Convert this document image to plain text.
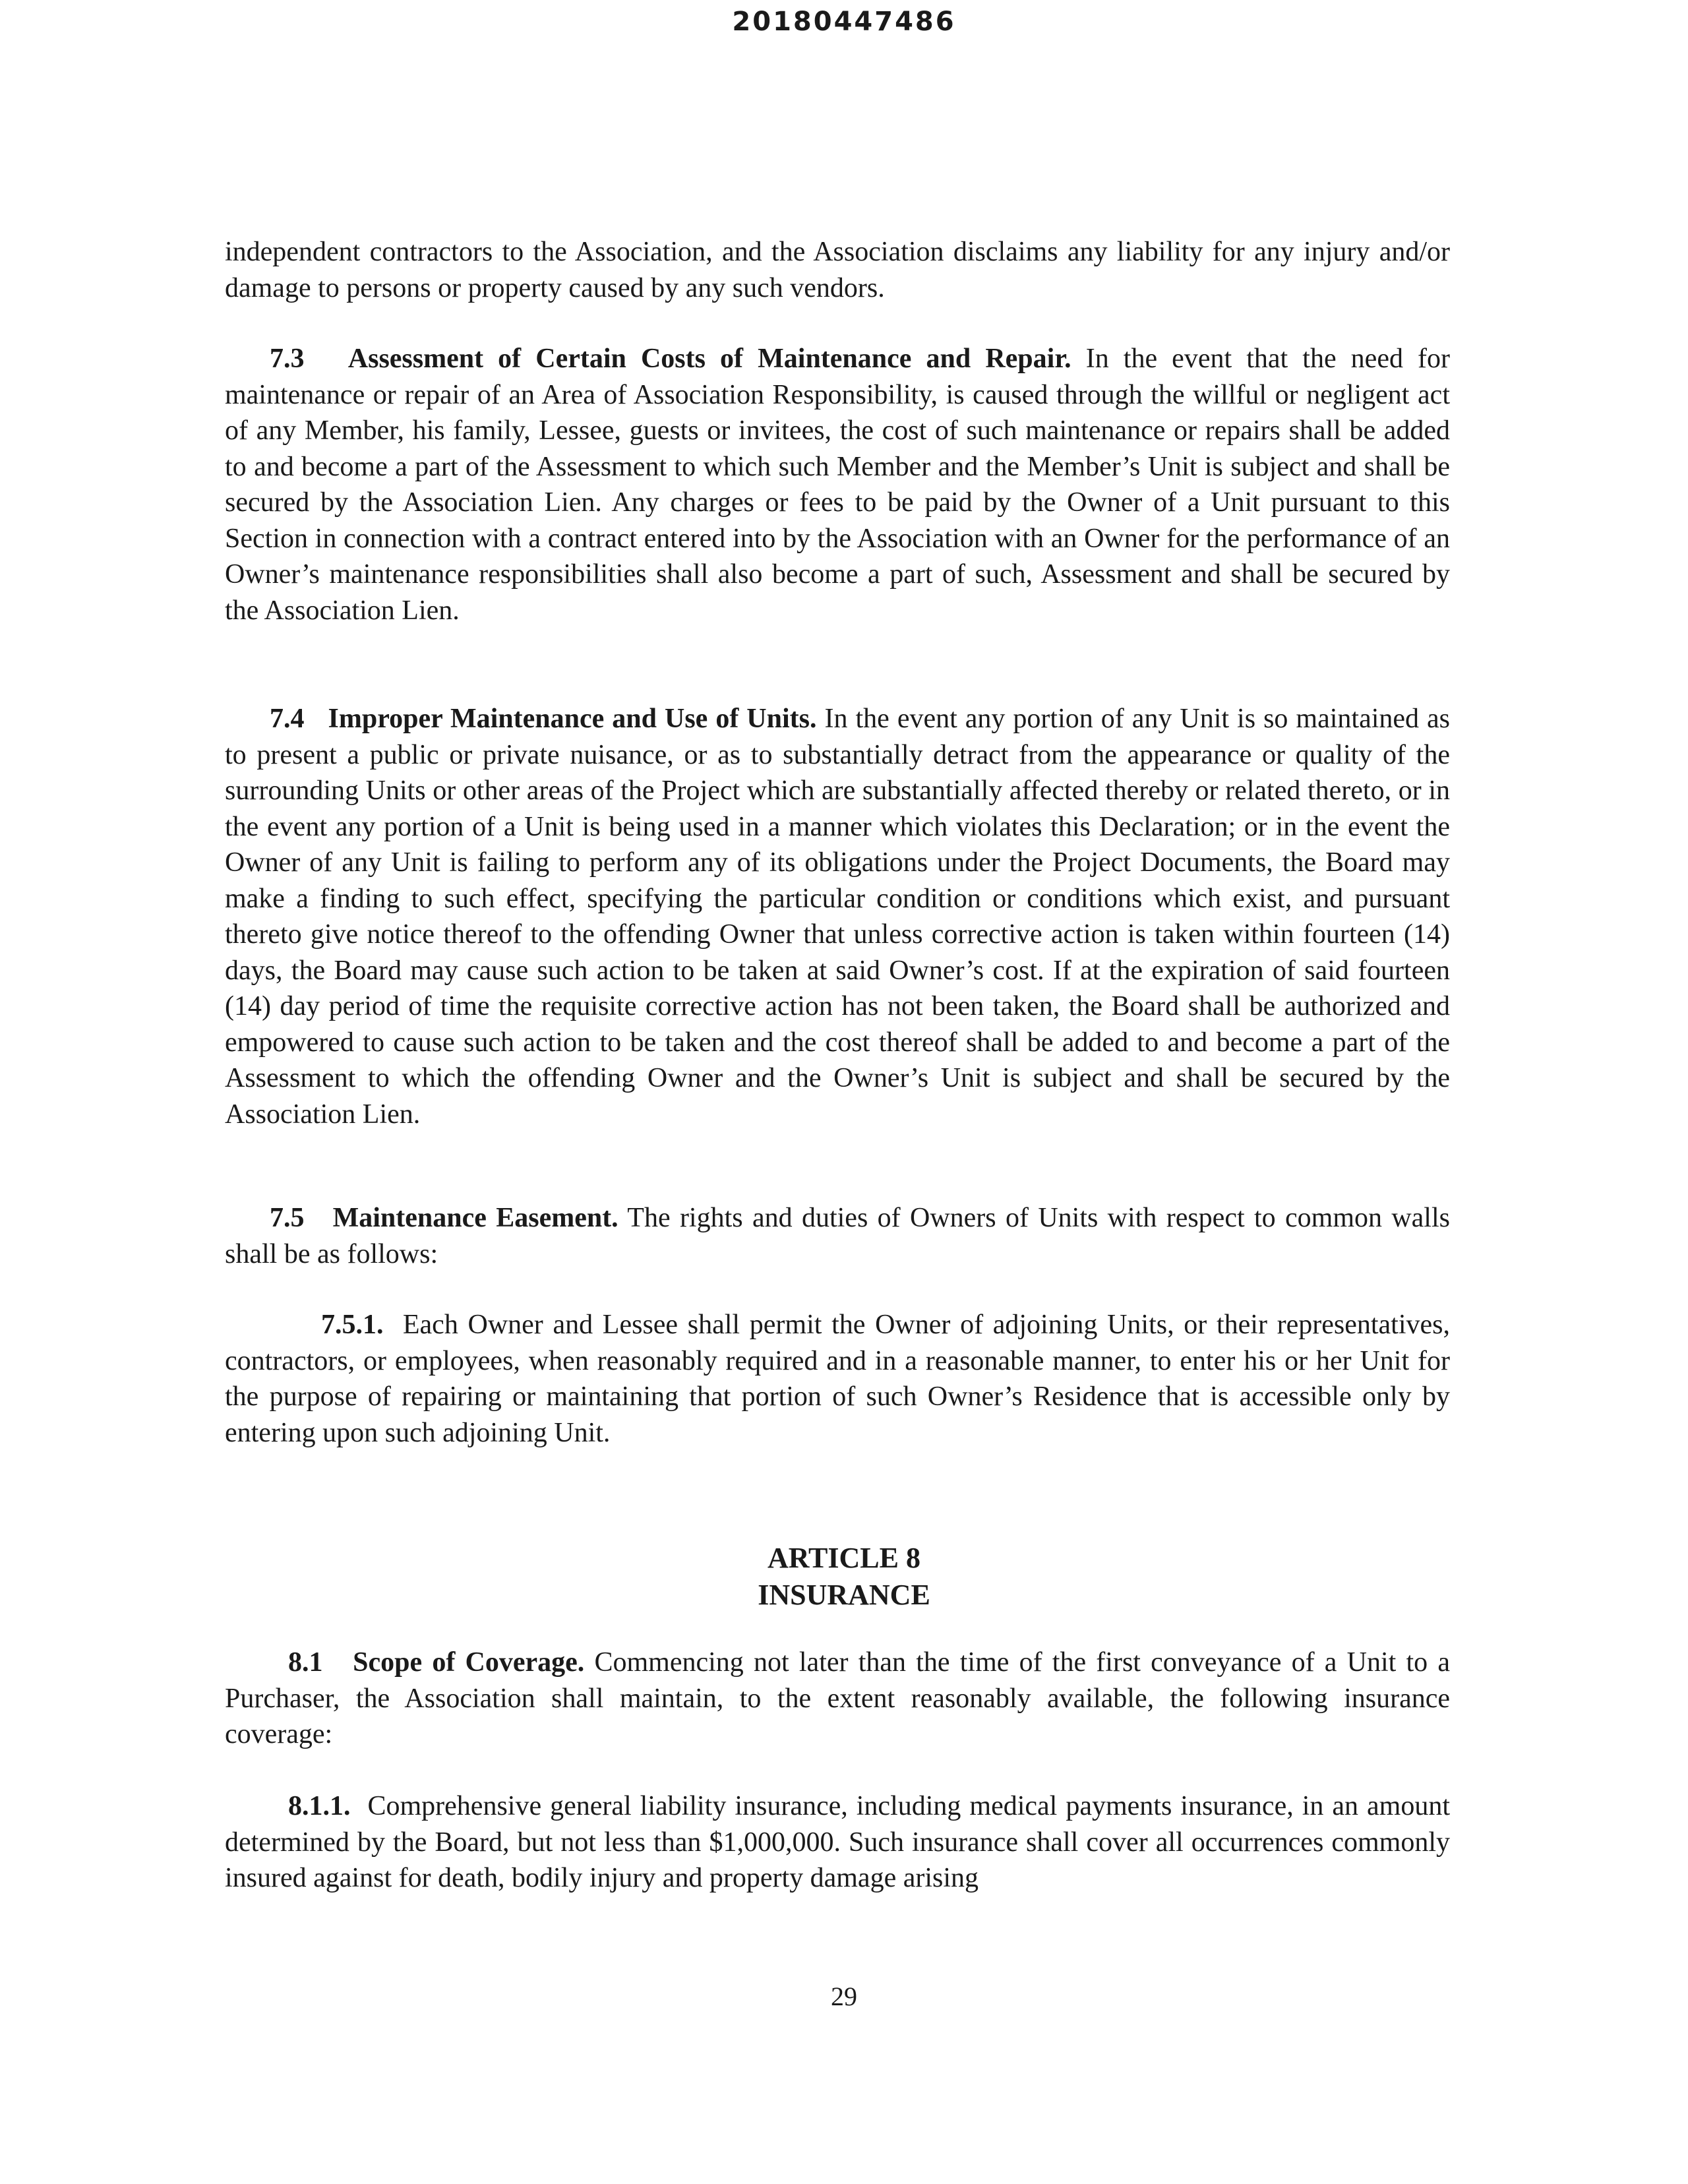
20180447486

independent contractors to the Association, and the Association disclaims any liability for any injury and/or damage to persons or property caused by any such vendors.

7.3 Assessment of Certain Costs of Maintenance and Repair. In the event that the need for maintenance or repair of an Area of Association Responsibility, is caused through the willful or negligent act of any Member, his family, Lessee, guests or invitees, the cost of such maintenance or repairs shall be added to and become a part of the Assessment to which such Member and the Member’s Unit is subject and shall be secured by the Association Lien. Any charges or fees to be paid by the Owner of a Unit pursuant to this Section in connection with a contract entered into by the Association with an Owner for the performance of an Owner’s maintenance responsibilities shall also become a part of such, Assessment and shall be secured by the Association Lien.

7.4 Improper Maintenance and Use of Units. In the event any portion of any Unit is so maintained as to present a public or private nuisance, or as to substantially detract from the appearance or quality of the surrounding Units or other areas of the Project which are substantially affected thereby or related thereto, or in the event any portion of a Unit is being used in a manner which violates this Declaration; or in the event the Owner of any Unit is failing to perform any of its obligations under the Project Documents, the Board may make a finding to such effect, specifying the particular condition or conditions which exist, and pursuant thereto give notice thereof to the offending Owner that unless corrective action is taken within fourteen (14) days, the Board may cause such action to be taken at said Owner’s cost. If at the expiration of said fourteen (14) day period of time the requisite corrective action has not been taken, the Board shall be authorized and empowered to cause such action to be taken and the cost thereof shall be added to and become a part of the Assessment to which the offending Owner and the Owner’s Unit is subject and shall be secured by the Association Lien.

7.5 Maintenance Easement. The rights and duties of Owners of Units with respect to common walls shall be as follows:

7.5.1. Each Owner and Lessee shall permit the Owner of adjoining Units, or their representatives, contractors, or employees, when reasonably required and in a reasonable manner, to enter his or her Unit for the purpose of repairing or maintaining that portion of such Owner’s Residence that is accessible only by entering upon such adjoining Unit.

ARTICLE 8

INSURANCE

8.1 Scope of Coverage. Commencing not later than the time of the first conveyance of a Unit to a Purchaser, the Association shall maintain, to the extent reasonably available, the following insurance coverage:

8.1.1. Comprehensive general liability insurance, including medical payments insurance, in an amount determined by the Board, but not less than $1,000,000. Such insurance shall cover all occurrences commonly insured against for death, bodily injury and property damage arising

29
